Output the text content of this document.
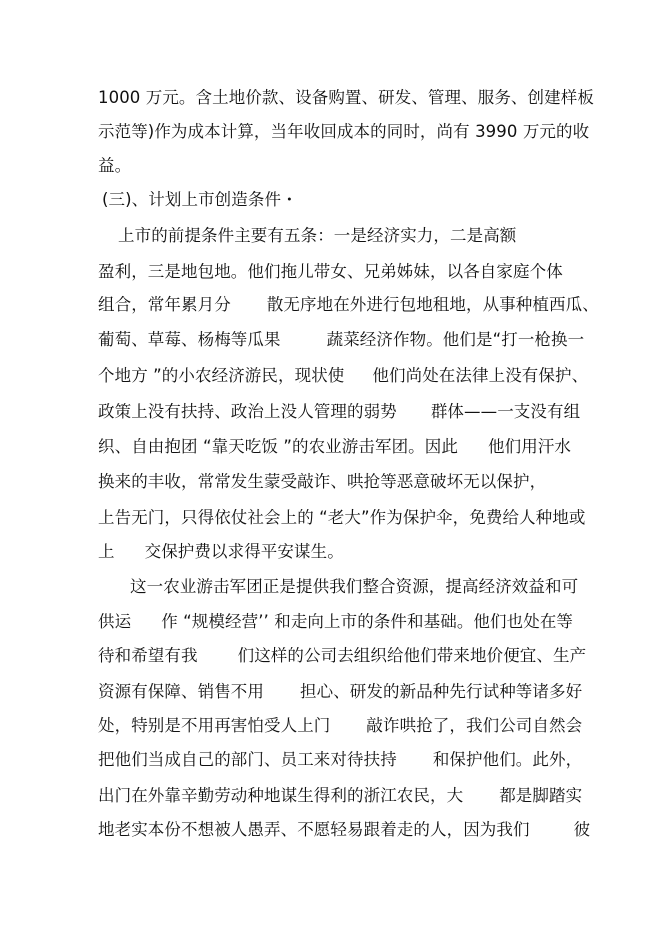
1000 万元。含土地价款、设备购置、研发、管理、服务、创建样板
示范等)作为成本计算，当年收回成本的同时，尚有 3990 万元的收
益。
(三)、计划上市创造条件・
上市的前提条件主要有五条：一是经济实力，二是高额
盈利，三是地包地。他们拖儿带女、兄弟姊妹，以各自家庭个体
组合，常年累月分 散无序地在外进行包地租地，从事种植西瓜、
葡萄、草莓、杨梅等瓜果	蔬菜经济作物。他们是“打一枪换一
个地方 ”的小农经济游民，现状使 他们尚处在法律上没有保护、
政策上没有扶持、政治上没人管理的弱势 群体——一支没有组
织、自由抱团 “靠天吃饭 ”的农业游击军团。因此 他们用汗水
换来的丰收，常常发生蒙受敲诈、哄抢等恶意破坏无以保护，
上告无门，只得依仗社会上的 “老大”作为保护伞，免费给人种地或
上 交保护费以求得平安谋生。
这一农业游击军团正是提供我们整合资源，提高经济效益和可
供运 作 “规模经营’’ 和走向上市的条件和基础。他们也处在等
待和希望有我 们这样的公司去组织给他们带来地价便宜、生产
资源有保障、销售不用 担心、研发的新品种先行试种等诸多好
处，特别是不用再害怕受人上门 敲诈哄抢了，我们公司自然会
把他们当成自己的部门、员工来对待扶持 和保护他们。此外，
出门在外靠辛勤劳动种地谋生得利的浙江农民，大 都是脚踏实
地老实本份不想被人愚弄、不愿轻易跟着走的人，因为我们	彼
